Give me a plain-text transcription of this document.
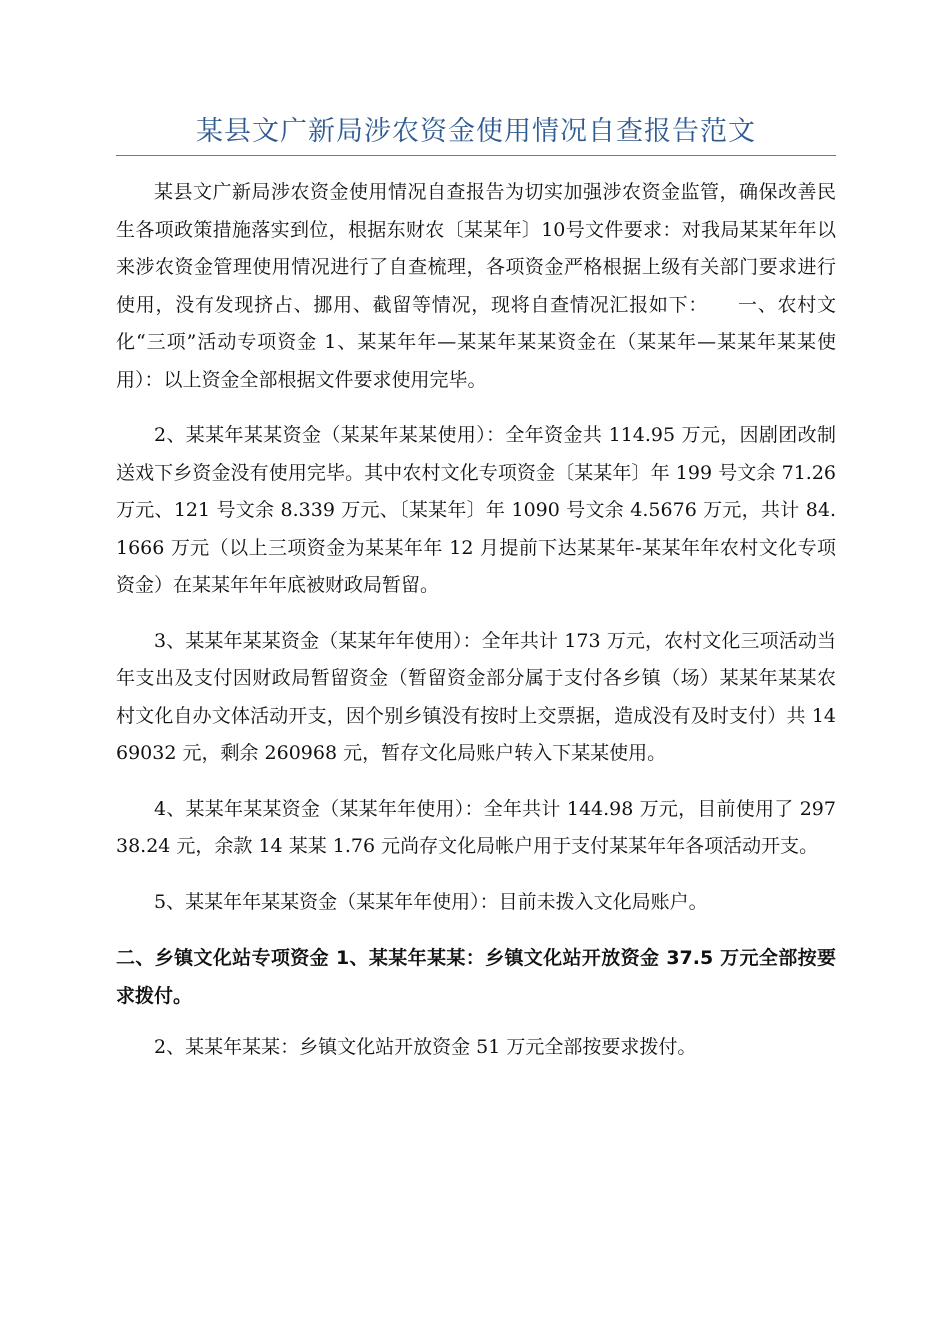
某县文广新局涉农资金使用情况自查报告范文

某县文广新局涉农资金使用情况自查报告为切实加强涉农资金监管，确保改善民生各项政策措施落实到位，根据东财农〔某某年〕10号文件要求：对我局某某年年以来涉农资金管理使用情况进行了自查梳理，各项资金严格根据上级有关部门要求进行使用，没有发现挤占、挪用、截留等情况，现将自查情况汇报如下：　　一、农村文化“三项”活动专项资金 1、某某年年—某某年某某资金在（某某年—某某年某某使用）：以上资金全部根据文件要求使用完毕。

2、某某年某某资金（某某年某某使用）：全年资金共 114.95 万元，因剧团改制送戏下乡资金没有使用完毕。其中农村文化专项资金〔某某年〕年 199 号文余 71.26 万元、121 号文余 8.339 万元、〔某某年〕年 1090 号文余 4.5676 万元，共计 84.1666 万元（以上三项资金为某某年年 12 月提前下达某某年-某某年年农村文化专项资金）在某某年年年底被财政局暂留。

3、某某年某某资金（某某年年使用）：全年共计 173 万元，农村文化三项活动当年支出及支付因财政局暂留资金（暂留资金部分属于支付各乡镇（场）某某年某某农村文化自办文体活动开支，因个别乡镇没有按时上交票据，造成没有及时支付）共 1469032 元，剩余 260968 元，暂存文化局账户转入下某某使用。

4、某某年某某资金（某某年年使用）：全年共计 144.98 万元，目前使用了 29738.24 元，余款 14 某某 1.76 元尚存文化局帐户用于支付某某年年各项活动开支。

5、某某年年某某资金（某某年年使用）：目前未拨入文化局账户。

二、乡镇文化站专项资金 1、某某年某某：乡镇文化站开放资金 37.5 万元全部按要求拨付。

2、某某年某某：乡镇文化站开放资金 51 万元全部按要求拨付。
